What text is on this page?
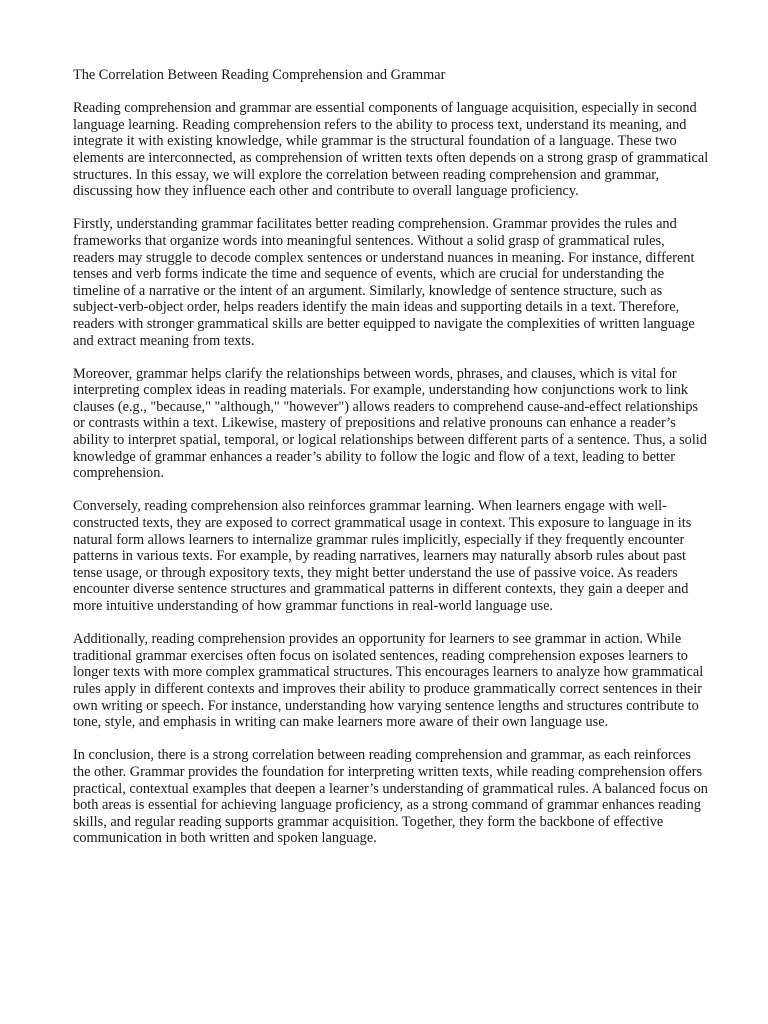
The Correlation Between Reading Comprehension and Grammar

Reading comprehension and grammar are essential components of language acquisition, especially in second language learning. Reading comprehension refers to the ability to process text, understand its meaning, and integrate it with existing knowledge, while grammar is the structural foundation of a language. These two elements are interconnected, as comprehension of written texts often depends on a strong grasp of grammatical structures. In this essay, we will explore the correlation between reading comprehension and grammar, discussing how they influence each other and contribute to overall language proficiency.

Firstly, understanding grammar facilitates better reading comprehension. Grammar provides the rules and frameworks that organize words into meaningful sentences. Without a solid grasp of grammatical rules, readers may struggle to decode complex sentences or understand nuances in meaning. For instance, different tenses and verb forms indicate the time and sequence of events, which are crucial for understanding the timeline of a narrative or the intent of an argument. Similarly, knowledge of sentence structure, such as subject-verb-object order, helps readers identify the main ideas and supporting details in a text. Therefore, readers with stronger grammatical skills are better equipped to navigate the complexities of written language and extract meaning from texts.

Moreover, grammar helps clarify the relationships between words, phrases, and clauses, which is vital for interpreting complex ideas in reading materials. For example, understanding how conjunctions work to link clauses (e.g., "because," "although," "however") allows readers to comprehend cause-and-effect relationships or contrasts within a text. Likewise, mastery of prepositions and relative pronouns can enhance a reader’s ability to interpret spatial, temporal, or logical relationships between different parts of a sentence. Thus, a solid knowledge of grammar enhances a reader’s ability to follow the logic and flow of a text, leading to better comprehension.

Conversely, reading comprehension also reinforces grammar learning. When learners engage with well-constructed texts, they are exposed to correct grammatical usage in context. This exposure to language in its natural form allows learners to internalize grammar rules implicitly, especially if they frequently encounter patterns in various texts. For example, by reading narratives, learners may naturally absorb rules about past tense usage, or through expository texts, they might better understand the use of passive voice. As readers encounter diverse sentence structures and grammatical patterns in different contexts, they gain a deeper and more intuitive understanding of how grammar functions in real-world language use.

Additionally, reading comprehension provides an opportunity for learners to see grammar in action. While traditional grammar exercises often focus on isolated sentences, reading comprehension exposes learners to longer texts with more complex grammatical structures. This encourages learners to analyze how grammatical rules apply in different contexts and improves their ability to produce grammatically correct sentences in their own writing or speech. For instance, understanding how varying sentence lengths and structures contribute to tone, style, and emphasis in writing can make learners more aware of their own language use.

In conclusion, there is a strong correlation between reading comprehension and grammar, as each reinforces the other. Grammar provides the foundation for interpreting written texts, while reading comprehension offers practical, contextual examples that deepen a learner’s understanding of grammatical rules. A balanced focus on both areas is essential for achieving language proficiency, as a strong command of grammar enhances reading skills, and regular reading supports grammar acquisition. Together, they form the backbone of effective communication in both written and spoken language.
